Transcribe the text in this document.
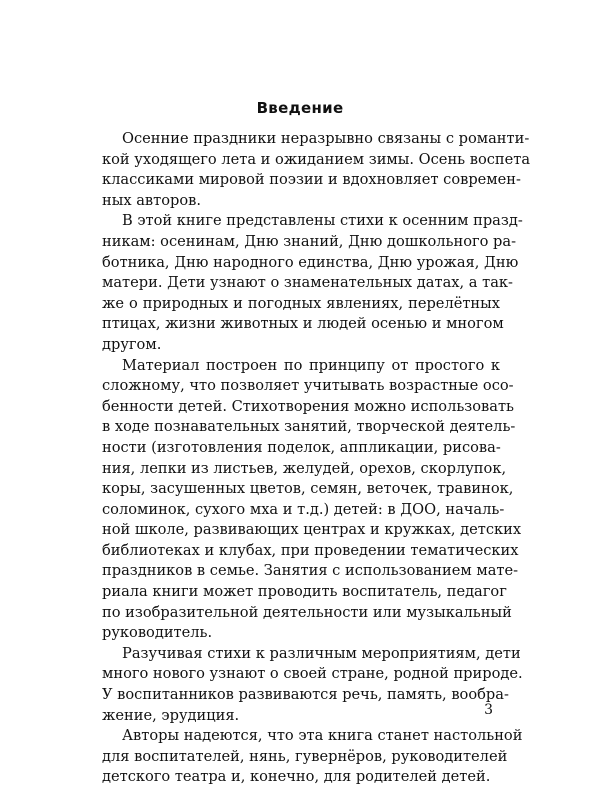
Введение
Осенние праздники неразрывно связаны с романти-
кой уходящего лета и ожиданием зимы. Осень воспета
классиками мировой поэзии и вдохновляет современ-
ных авторов.
В этой книге представлены стихи к осенним празд-
никам: осенинам, Дню знаний, Дню дошкольного ра-
ботника, Дню народного единства, Дню урожая, Дню
матери. Дети узнают о знаменательных датах, а так-
же о природных и погодных явлениях, перелётных
птицах, жизни животных и людей осенью и многом
другом.
Материал построен по принципу от простого к
сложному, что позволяет учитывать возрастные осо-
бенности детей. Стихотворения можно использовать
в ходе познавательных занятий, творческой деятель-
ности (изготовления поделок, аппликации, рисова-
ния, лепки из листьев, желудей, орехов, скорлупок,
коры, засушенных цветов, семян, веточек, травинок,
соломинок, сухого мха и т.д.) детей: в ДОО, началь-
ной школе, развивающих центрах и кружках, детских
библиотеках и клубах, при проведении тематических
праздников в семье. Занятия с использованием мате-
риала книги может проводить воспитатель, педагог
по изобразительной деятельности или музыкальный
руководитель.
Разучивая стихи к различным мероприятиям, дети
много нового узнают о своей стране, родной природе.
У воспитанников развиваются речь, память, вообра-
жение, эрудиция.
Авторы надеются, что эта книга станет настольной
для воспитателей, нянь, гувернёров, руководителей
детского театра и, конечно, для родителей детей.
3
